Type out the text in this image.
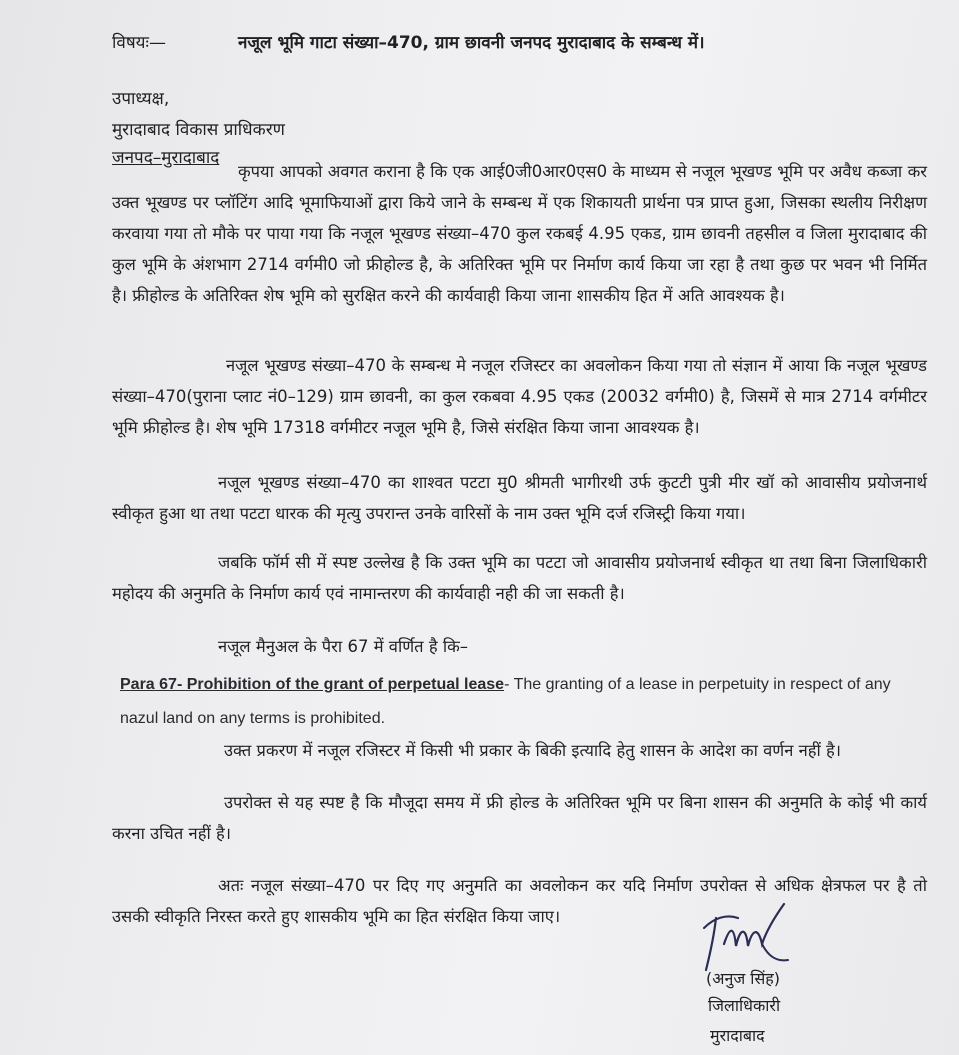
विषयः—	नजूल भूमि गाटा संख्या–470, ग्राम छावनी जनपद मुरादाबाद के सम्बन्ध में।
उपाध्यक्ष,
मुरादाबाद विकास प्राधिकरण
जनपद–मुरादाबाद
कृपया आपको अवगत कराना है कि एक आई0जी0आर0एस0 के माध्यम से नजूल भूखण्ड भूमि पर अवैध कब्जा कर उक्त भूखण्ड पर प्लॉटिंग आदि भूमाफियाओं द्वारा किये जाने के सम्बन्ध में एक शिकायती प्रार्थना पत्र प्राप्त हुआ, जिसका स्थलीय निरीक्षण करवाया गया तो मौके पर पाया गया कि नजूल भूखण्ड संख्या–470 कुल रकबई 4.95 एकड, ग्राम छावनी तहसील व जिला मुरादाबाद की कुल भूमि के अंशभाग 2714 वर्गमी0 जो फ्रीहोल्ड है, के अतिरिक्त भूमि पर निर्माण कार्य किया जा रहा है तथा कुछ पर भवन भी निर्मित है। फ्रीहोल्ड के अतिरिक्त शेष भूमि को सुरक्षित करने की कार्यवाही किया जाना शासकीय हित में अति आवश्यक है।
नजूल भूखण्ड संख्या–470 के सम्बन्ध मे नजूल रजिस्टर का अवलोकन किया गया तो संज्ञान में आया कि नजूल भूखण्ड संख्या–470(पुराना प्लाट नं0–129) ग्राम छावनी, का कुल रकबवा 4.95 एकड (20032 वर्गमी0) है, जिसमें से मात्र 2714 वर्गमीटर भूमि फ्रीहोल्ड है। शेष भूमि 17318 वर्गमीटर नजूल भूमि है, जिसे संरक्षित किया जाना आवश्यक है।
नजूल भूखण्ड संख्या–470 का शाश्वत पटटा मु0 श्रीमती भागीरथी उर्फ कुटटी पुत्री मीर खॉ को आवासीय प्रयोजनार्थ स्वीकृत हुआ था तथा पटटा धारक की मृत्यु उपरान्त उनके वारिसों के नाम उक्त भूमि दर्ज रजिस्ट्री किया गया।
जबकि फॉर्म सी में स्पष्ट उल्लेख है कि उक्त भूमि का पटटा जो आवासीय प्रयोजनार्थ स्वीकृत था तथा बिना जिलाधिकारी महोदय की अनुमति के निर्माण कार्य एवं नामान्तरण की कार्यवाही नही की जा सकती है।
नजूल मैनुअल के पैरा 67 में वर्णित है कि–
Para 67- Prohibition of the grant of perpetual lease- The granting of a lease in perpetuity in respect of any nazul land on any terms is prohibited.
उक्त प्रकरण में नजूल रजिस्टर में किसी भी प्रकार के बिकी इत्यादि हेतु शासन के आदेश का वर्णन नहीं है।
उपरोक्त से यह स्पष्ट है कि मौजूदा समय में फ्री होल्ड के अतिरिक्त भूमि पर बिना शासन की अनुमति के कोई भी कार्य करना उचित नहीं है।
अतः नजूल संख्या–470 पर दिए गए अनुमति का अवलोकन कर यदि निर्माण उपरोक्त से अधिक क्षेत्रफल पर है तो उसकी स्वीकृति निरस्त करते हुए शासकीय भूमि का हित संरक्षित किया जाए।
(अनुज सिंह)
जिलाधिकारी
मुरादाबाद
